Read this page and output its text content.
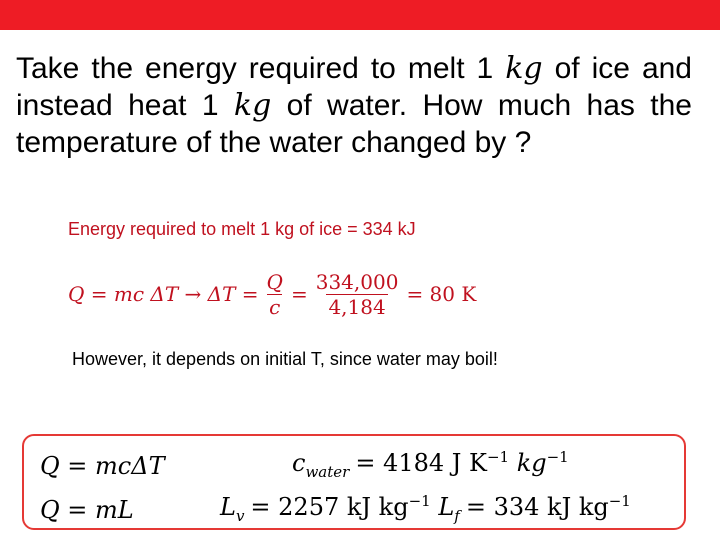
Take the energy required to melt 1 kg of ice and
instead heat 1 kg of water. How much has the
temperature of the water changed by ?
Energy required to melt 1 kg of ice = 334 kJ
Q = mc $\Delta T \to \Delta T = \frac{Q}{c} = \frac{334,000}{4,184} = 80$ K
However, it depends on initial T, since water may boil!
Q = mcΔT
Q = mL
$c_{water} = 4184$ J $K^{-1}$ $kg^{-1}$
$L_v = 2257$ kJ $kg^{-1}$ $L_f = 334$ kJ $kg^{-1}$
